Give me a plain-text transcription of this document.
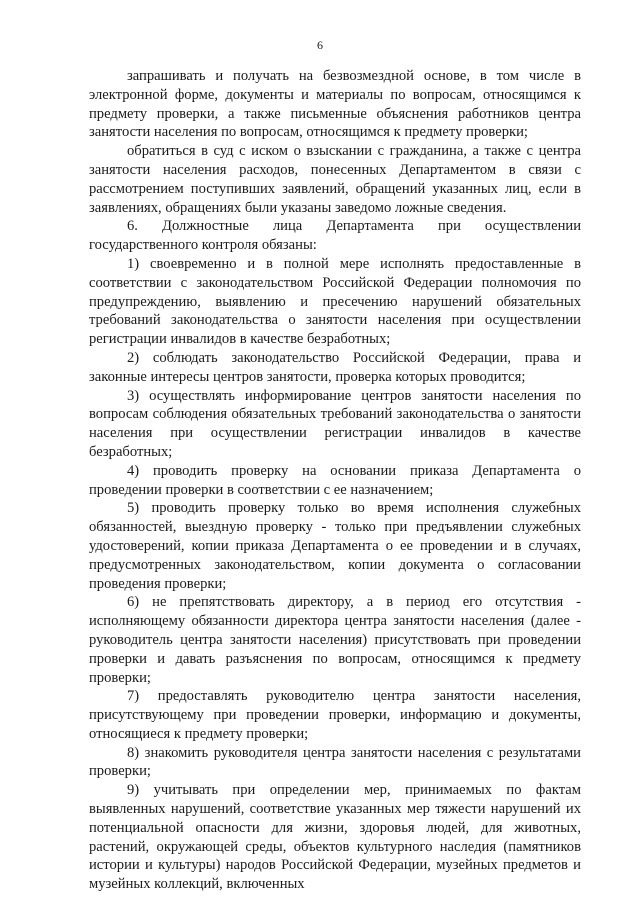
6

запрашивать и получать на безвозмездной основе, в том числе в электронной форме, документы и материалы по вопросам, относящимся к предмету проверки, а также письменные объяснения работников центра занятости населения по вопросам, относящимся к предмету проверки;

обратиться в суд с иском о взыскании с гражданина, а также с центра занятости населения расходов, понесенных Департаментом в связи с рассмотрением поступивших заявлений, обращений указанных лиц, если в заявлениях, обращениях были указаны заведомо ложные сведения.

6. Должностные лица Департамента при осуществлении государственного контроля обязаны:

1) своевременно и в полной мере исполнять предоставленные в соответствии с законодательством Российской Федерации полномочия по предупреждению, выявлению и пресечению нарушений обязательных требований законодательства о занятости населения при осуществлении регистрации инвалидов в качестве безработных;

2) соблюдать законодательство Российской Федерации, права и законные интересы центров занятости, проверка которых проводится;

3) осуществлять информирование центров занятости населения по вопросам соблюдения обязательных требований законодательства о занятости населения при осуществлении регистрации инвалидов в качестве безработных;

4) проводить проверку на основании приказа Департамента о проведении проверки в соответствии с ее назначением;

5) проводить проверку только во время исполнения служебных обязанностей, выездную проверку - только при предъявлении служебных удостоверений, копии приказа Департамента о ее проведении и в случаях, предусмотренных законодательством, копии документа о согласовании проведения проверки;

6) не препятствовать директору, а в период его отсутствия - исполняющему обязанности директора центра занятости населения (далее - руководитель центра занятости населения) присутствовать при проведении проверки и давать разъяснения по вопросам, относящимся к предмету проверки;

7) предоставлять руководителю центра занятости населения, присутствующему при проведении проверки, информацию и документы, относящиеся к предмету проверки;

8) знакомить руководителя центра занятости населения с результатами проверки;

9) учитывать при определении мер, принимаемых по фактам выявленных нарушений, соответствие указанных мер тяжести нарушений их потенциальной опасности для жизни, здоровья людей, для животных, растений, окружающей среды, объектов культурного наследия (памятников истории и культуры) народов Российской Федерации, музейных предметов и музейных коллекций, включенных
